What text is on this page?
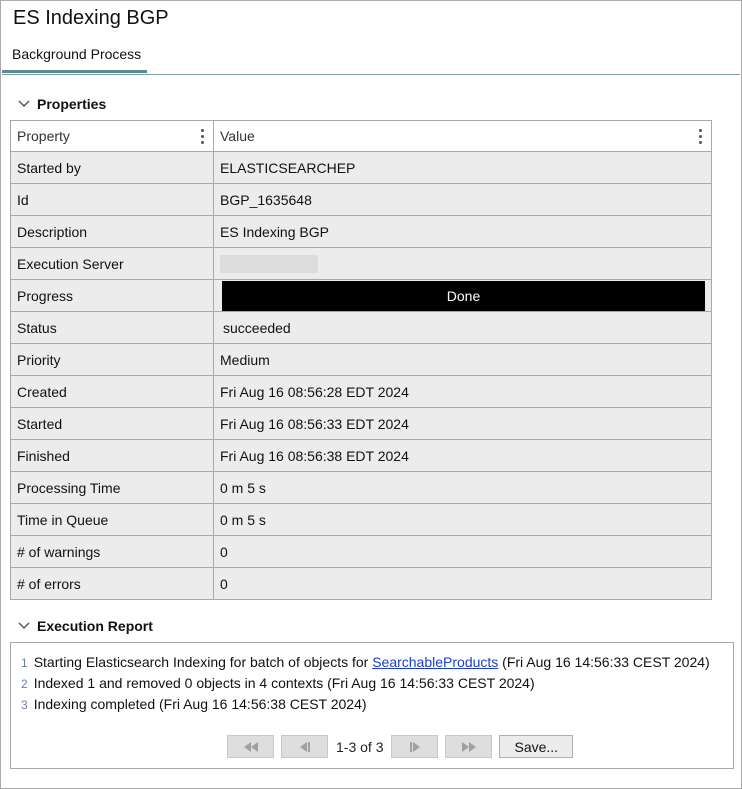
ES Indexing BGP
Background Process
Properties
Property	Value

Started by	ELASTICSEARCHEP
Id	BGP_1635648
Description	ES Indexing BGP
Execution Server	
Progress	Done

Status	succeeded
Priority	Medium
Created	Fri Aug 16 08:56:28 EDT 2024
Started	Fri Aug 16 08:56:33 EDT 2024
Finished	Fri Aug 16 08:56:38 EDT 2024
Processing Time	0 m 5 s
Time in Queue	0 m 5 s
# of warnings	0
# of errors	0
Execution Report
1 Starting Elasticsearch Indexing for batch of objects for SearchableProducts (Fri Aug 16 14:56:33 CEST 2024)
2 Indexed 1 and removed 0 objects in 4 contexts (Fri Aug 16 14:56:33 CEST 2024)
3 Indexing completed (Fri Aug 16 14:56:38 CEST 2024)
1-3 of 3	Save...
